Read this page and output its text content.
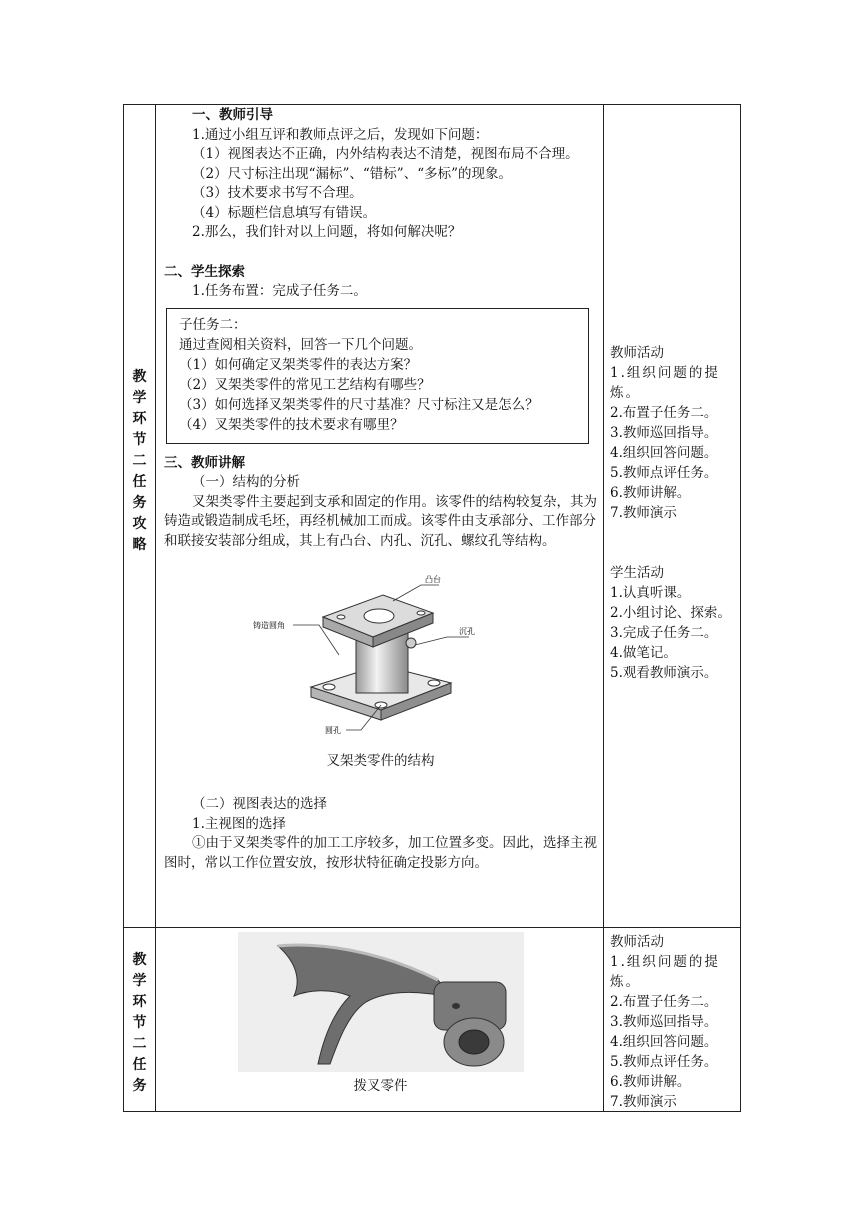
教学环节二　任务攻略

一、教师引导

1.通过小组互评和教师点评之后，发现如下问题：

（1）视图表达不正确，内外结构表达不清楚，视图布局不合理。

（2）尺寸标注出现“漏标”、“错标”、“多标”的现象。

（3）技术要求书写不合理。

（4）标题栏信息填写有错误。

2.那么，我们针对以上问题，将如何解决呢？

二、学生探索

1.任务布置：完成子任务二。

子任务二：

通过查阅相关资料，回答一下几个问题。

（1）如何确定叉架类零件的表达方案？

（2）叉架类零件的常见工艺结构有哪些？

（3）如何选择叉架类零件的尺寸基准？尺寸标注又是怎么？

（4）叉架类零件的技术要求有哪里？

三、教师讲解

（一）结构的分析

叉架类零件主要起到支承和固定的作用。该零件的结构较复杂，其为铸造或锻造制成毛坯，再经机械加工而成。该零件由支承部分、工作部分和联接安装部分组成，其上有凸台、内孔、沉孔、螺纹孔等结构。

凸台
铸造圆角
沉孔
圆孔

叉架类零件的结构

（二）视图表达的选择

1.主视图的选择

①由于叉架类零件的加工工序较多，加工位置多变。因此，选择主视图时，常以工作位置安放，按形状特征确定投影方向。

教师活动

1.组织问题的提炼。

2.布置子任务二。

3.教师巡回指导。

4.组织回答问题。

5.教师点评任务。

6.教师讲解。

7.教师演示

学生活动

1.认真听课。

2.小组讨论、探索。

3.完成子任务二。

4.做笔记。

5.观看教师演示。

教学环节二　任务	拨叉零件

教师活动

1.组织问题的提炼。

2.布置子任务二。

3.教师巡回指导。

4.组织回答问题。

5.教师点评任务。

6.教师讲解。

7.教师演示
